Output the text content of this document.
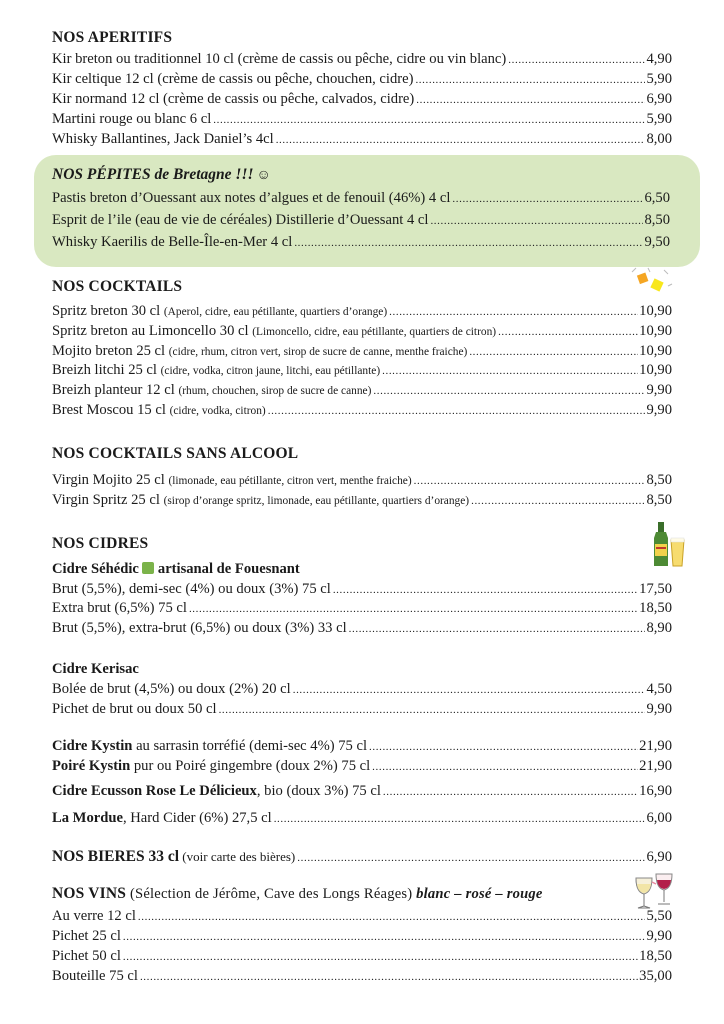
NOS APERITIFS
Kir breton ou traditionnel 10 cl (crème de cassis ou pêche, cidre ou vin blanc) .....	4,90
Kir celtique 12 cl (crème de cassis ou pêche, chouchen, cidre) .....	5,90
Kir normand 12 cl (crème de cassis ou pêche, calvados, cidre) .....	6,90
Martini rouge ou blanc 6 cl .....	5,90
Whisky Ballantines, Jack Daniel’s 4cl .....	8,00
NOS PÉPITES de Bretagne !!! ☺
Pastis breton d’Ouessant aux notes d’algues et de fenouil (46%) 4 cl .....	6,50
Esprit de l’ile (eau de vie de céréales) Distillerie d’Ouessant 4 cl .....	8,50
Whisky Kaerilis de Belle-Île-en-Mer 4 cl .....	9,50
NOS COCKTAILS
Spritz breton 30 cl (Aperol, cidre, eau pétillante, quartiers d’orange) .....	10,90
Spritz breton au Limoncello 30 cl (Limoncello, cidre, eau pétillante, quartiers de citron) .....	10,90
Mojito breton 25 cl (cidre, rhum, citron vert, sirop de sucre de canne, menthe fraiche) .....	10,90
Breizh litchi 25 cl (cidre, vodka, citron jaune, litchi, eau pétillante) .....	10,90
Breizh planteur 12 cl (rhum, chouchen, sirop de sucre de canne) .....	9,90
Brest Moscou 15 cl (cidre, vodka, citron) .....	9,90
NOS COCKTAILS SANS ALCOOL
Virgin Mojito 25 cl (limonade, eau pétillante, citron vert, menthe fraiche) .....	8,50
Virgin Spritz 25 cl (sirop d’orange spritz, limonade, eau pétillante, quartiers d’orange) .....	8,50
NOS CIDRES
Cidre Séhédic artisanal de Fouesnant
Brut (5,5%), demi-sec (4%) ou doux (3%) 75 cl .....	17,50
Extra brut (6,5%) 75 cl .....	18,50
Brut (5,5%), extra-brut (6,5%) ou doux (3%) 33 cl .....	8,90
Cidre Kerisac
Bolée de brut (4,5%) ou doux (2%) 20 cl .....	4,50
Pichet de brut ou doux 50 cl .....	9,90
Cidre Kystin au sarrasin torréfié (demi-sec 4%) 75 cl .....	21,90
Poiré Kystin pur ou Poiré gingembre (doux 2%) 75 cl .....	21,90
Cidre Ecusson Rose Le Délicieux, bio (doux 3%) 75 cl .....	16,90
La Mordue, Hard Cider (6%) 27,5 cl .....	6,00
NOS BIERES 33 cl (voir carte des bières) .....	6,90
NOS VINS (Sélection de Jérôme, Cave des Longs Réages) blanc – rosé – rouge
Au verre 12 cl .....	5,50
Pichet 25 cl .....	9,90
Pichet 50 cl .....	18,50
Bouteille 75 cl .....	35,00
